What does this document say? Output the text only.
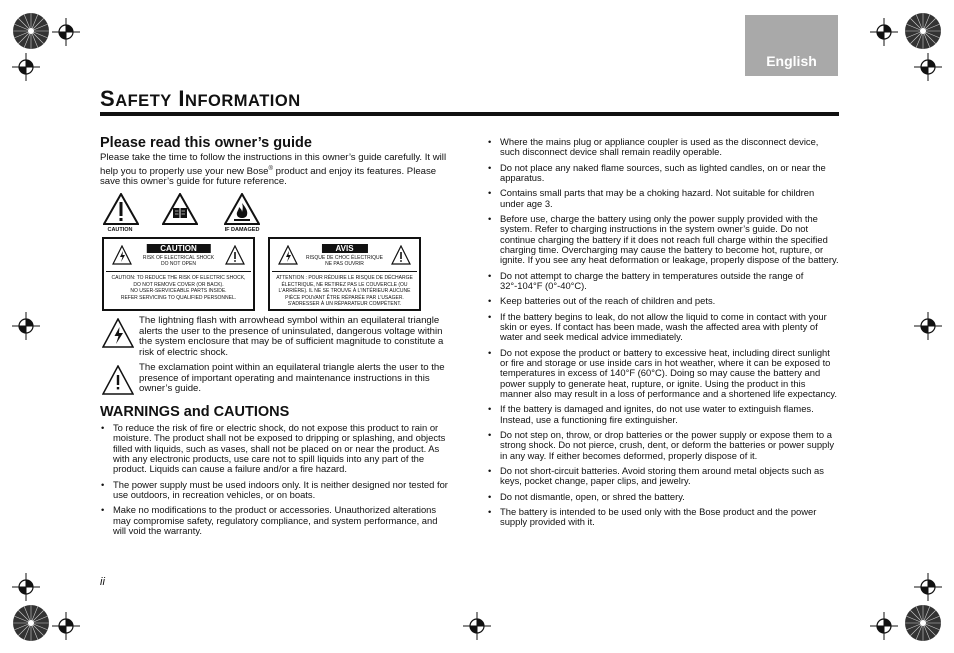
English
SAFETY INFORMATION
Please read this owner’s guide
Please take the time to follow the instructions in this owner’s guide carefully. It will help you to properly use your new Bose® product and enjoy its features. Please save this owner’s guide for future reference.
CAUTION	IF DAMAGED
CAUTION
RISK OF ELECTRICAL SHOCK
DO NOT OPEN
CAUTION: TO REDUCE THE RISK OF ELECTRIC SHOCK,
DO NOT REMOVE COVER (OR BACK).
NO USER-SERVICEABLE PARTS INSIDE.
REFER SERVICING TO QUALIFIED PERSONNEL.
AVIS
RISQUE DE CHOC ÉLECTRIQUE
NE PAS OUVRIR
ATTENTION : POUR RÉDUIRE LE RISQUE DE DÉCHARGE
ÉLECTRIQUE, NE RETIREZ PAS LE COUVERCLE (OU
L'ARRIÈRE). IL NE SE TROUVE À L'INTÉRIEUR AUCUNE
PIÈCE POUVANT ÊTRE RÉPARÉE PAR L'USAGER.
S'ADRESSER À UN RÉPARATEUR COMPÉTENT.
The lightning flash with arrowhead symbol within an equilateral triangle alerts the user to the presence of uninsulated, dangerous voltage within the system enclosure that may be of sufficient magnitude to constitute a risk of electric shock.
The exclamation point within an equilateral triangle alerts the user to the presence of important operating and maintenance instructions in this owner’s guide.
WARNINGS and CAUTIONS
• To reduce the risk of fire or electric shock, do not expose this product to rain or moisture. The product shall not be exposed to dripping or splashing, and objects filled with liquids, such as vases, shall not be placed on or near the product. As with any electronic products, use care not to spill liquids into any part of the product. Liquids can cause a failure and/or a fire hazard.
• The power supply must be used indoors only. It is neither designed nor tested for use outdoors, in recreation vehicles, or on boats.
• Make no modifications to the product or accessories. Unauthorized alterations may compromise safety, regulatory compliance, and system performance, and will void the warranty.
• Where the mains plug or appliance coupler is used as the disconnect device, such disconnect device shall remain readily operable.
• Do not place any naked flame sources, such as lighted candles, on or near the apparatus.
• Contains small parts that may be a choking hazard. Not suitable for children under age 3.
• Before use, charge the battery using only the power supply provided with the system. Refer to charging instructions in the system owner’s guide. Do not continue charging the battery if it does not reach full charge within the specified charging time. Overcharging may cause the battery to become hot, rupture, or ignite. If you see any heat deformation or leakage, properly dispose of the battery.
• Do not attempt to charge the battery in temperatures outside the range of 32°-104°F (0°-40°C).
• Keep batteries out of the reach of children and pets.
• If the battery begins to leak, do not allow the liquid to come in contact with your skin or eyes. If contact has been made, wash the affected area with plenty of water and seek medical advice immediately.
• Do not expose the product or battery to excessive heat, including direct sunlight or fire and storage or use inside cars in hot weather, where it can be exposed to temperatures in excess of 140°F (60°C). Doing so may cause the battery and power supply to generate heat, rupture, or ignite. Using the product in this manner also may result in a loss of performance and a shortened life expectancy.
• If the battery is damaged and ignites, do not use water to extinguish flames. Instead, use a functioning fire extinguisher.
• Do not step on, throw, or drop batteries or the power supply or expose them to a strong shock. Do not pierce, crush, dent, or deform the batteries or power supply in any way. If either becomes deformed, properly dispose of it.
• Do not short-circuit batteries. Avoid storing them around metal objects such as keys, pocket change, paper clips, and jewelry.
• Do not dismantle, open, or shred the battery.
• The battery is intended to be used only with the Bose product and the power supply provided with it.
ii
